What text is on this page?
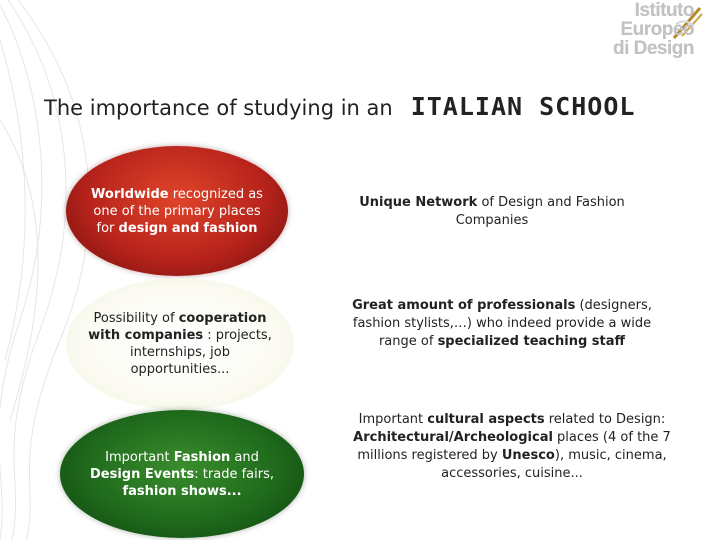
Istituto
Europeo
di Design
The importance of studying in an ITALIAN SCHOOL
Worldwide recognized as one of the primary places for design and fashion
Possibility of cooperation with companies : projects, internships, job opportunities...
Important Fashion and Design Events: trade fairs, fashion shows...
Unique Network of Design and Fashion Companies
Great amount of professionals (designers, fashion stylists,…) who indeed provide a wide range of specialized teaching staff
Important cultural aspects related to Design: Architectural/Archeological places (4 of the 7 millions registered by Unesco), music, cinema, accessories, cuisine...
